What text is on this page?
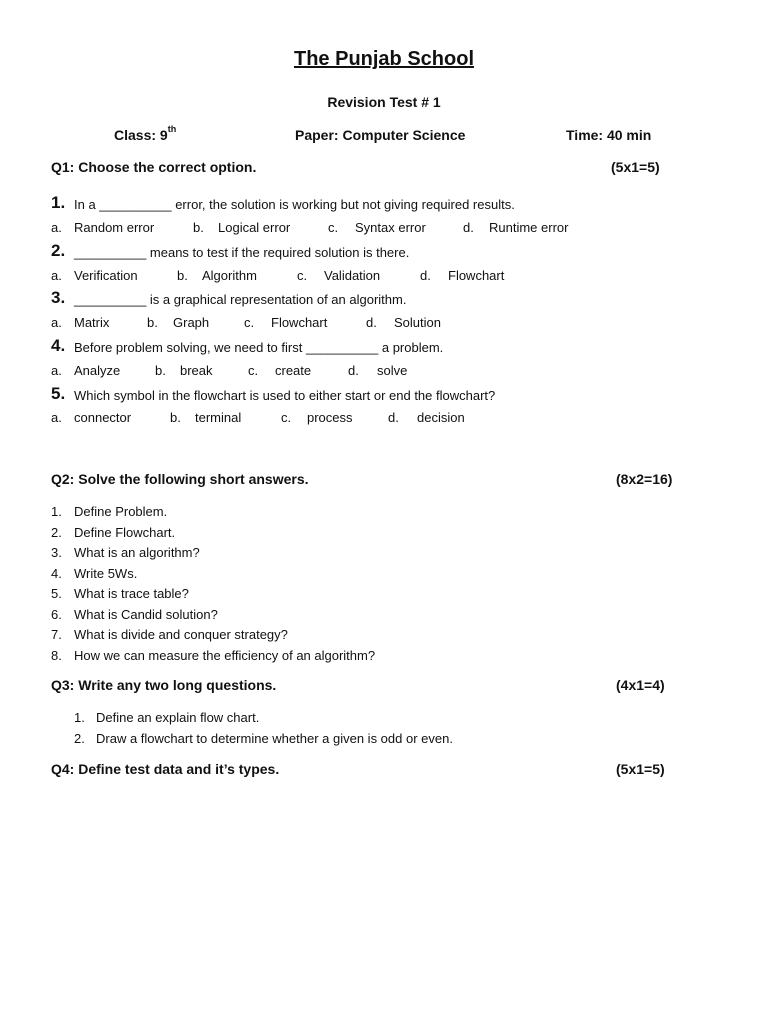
The Punjab School
Revision Test # 1
Class: 9th	Paper: Computer Science	Time: 40 min
Q1: Choose the correct option.	(5x1=5)
1. In a __________ error, the solution is working but not giving required results.
a. Random error	b. Logical error	c. Syntax error	d. Runtime error
2. __________ means to test if the required solution is there.
a. Verification	b. Algorithm	c. Validation	d. Flowchart
3. __________ is a graphical representation of an algorithm.
a. Matrix	b. Graph	c. Flowchart	d. Solution
4. Before problem solving, we need to first __________ a problem.
a. Analyze	b. break	c. create	d. solve
5. Which symbol in the flowchart is used to either start or end the flowchart?
a. connector	b. terminal	c. process	d. decision
Q2: Solve the following short answers.	(8x2=16)
1. Define Problem.
2. Define Flowchart.
3. What is an algorithm?
4. Write 5Ws.
5. What is trace table?
6. What is Candid solution?
7. What is divide and conquer strategy?
8. How we can measure the efficiency of an algorithm?
Q3: Write any two long questions.	(4x1=4)
1. Define an explain flow chart.
2. Draw a flowchart to determine whether a given is odd or even.
Q4: Define test data and it’s types.	(5x1=5)
